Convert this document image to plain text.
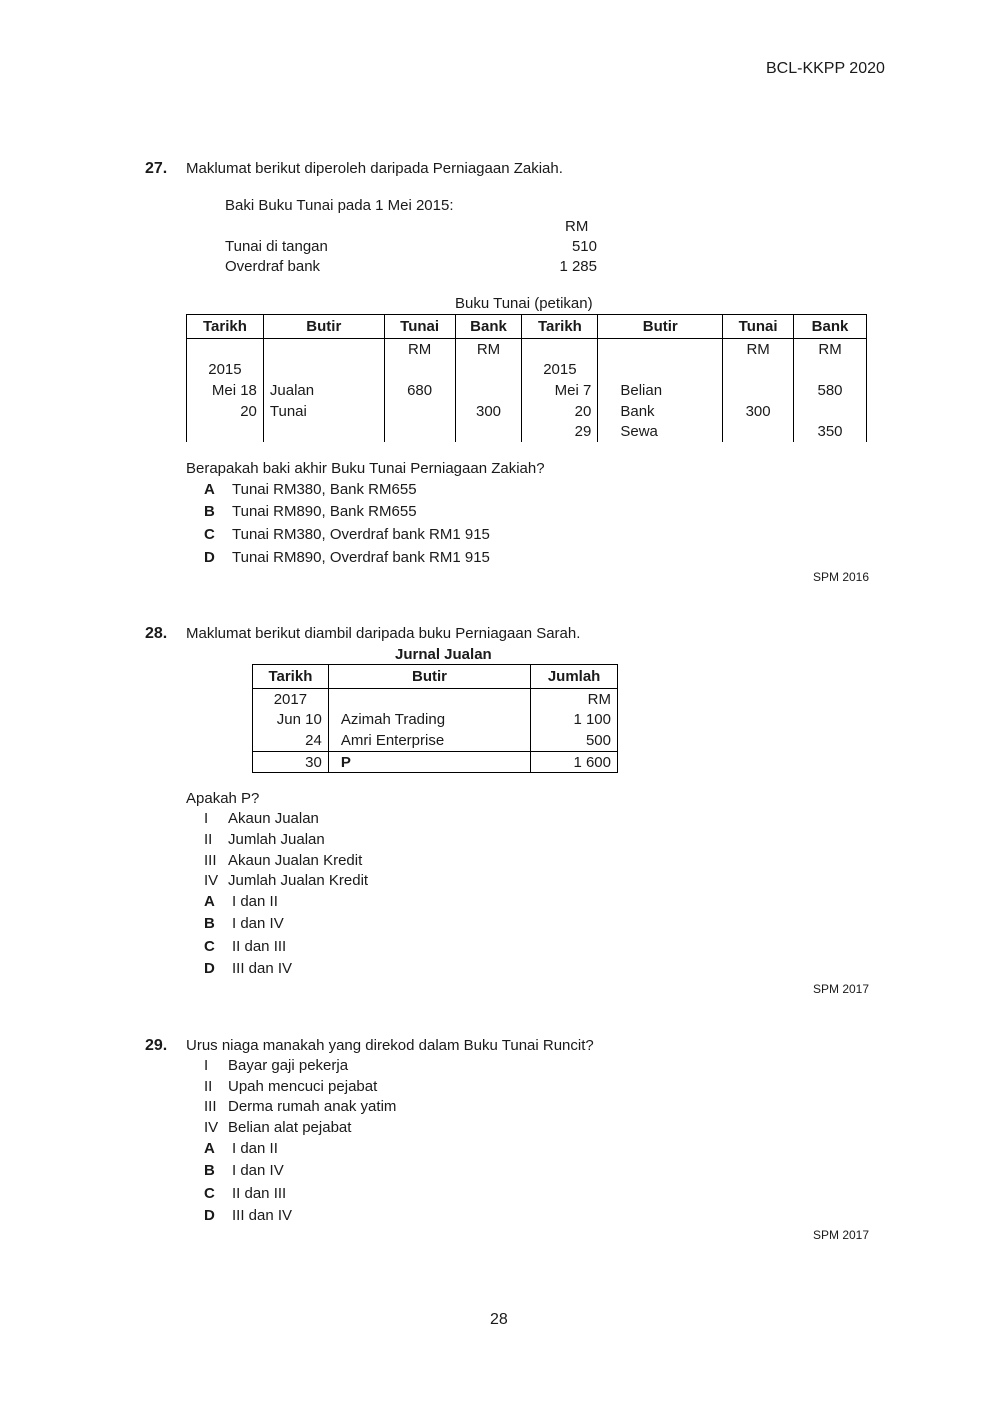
BCL-KKPP 2020
27. Maklumat berikut diperoleh daripada Perniagaan Zakiah.
Baki Buku Tunai pada 1 Mei 2015:
RM
Tunai di tangan	510
Overdraf bank	1 285
Buku Tunai (petikan)
Tarikh	Butir	Tunai	Bank	Tarikh	Butir	Tunai	Bank
		RM	RM			RM	RM
2015				2015			
Mei 18	Jualan	680		Mei 7	Belian		580
20	Tunai		300	20	Bank	300	
				29	Sewa		350
Berapakah baki akhir Buku Tunai Perniagaan Zakiah?
A Tunai RM380, Bank RM655
B Tunai RM890, Bank RM655
C Tunai RM380, Overdraf bank RM1 915
D Tunai RM890, Overdraf bank RM1 915
SPM 2016
28. Maklumat berikut diambil daripada buku Perniagaan Sarah.
Jurnal Jualan
Tarikh	Butir	Jumlah
2017		RM
Jun 10	Azimah Trading	1 100
24	Amri Enterprise	500
30	P	1 600
Apakah P?
I Akaun Jualan
II Jumlah Jualan
III Akaun Jualan Kredit
IV Jumlah Jualan Kredit
A I dan II
B I dan IV
C II dan III
D III dan IV
SPM 2017
29. Urus niaga manakah yang direkod dalam Buku Tunai Runcit?
I Bayar gaji pekerja
II Upah mencuci pejabat
III Derma rumah anak yatim
IV Belian alat pejabat
A I dan II
B I dan IV
C II dan III
D III dan IV
SPM 2017
28
